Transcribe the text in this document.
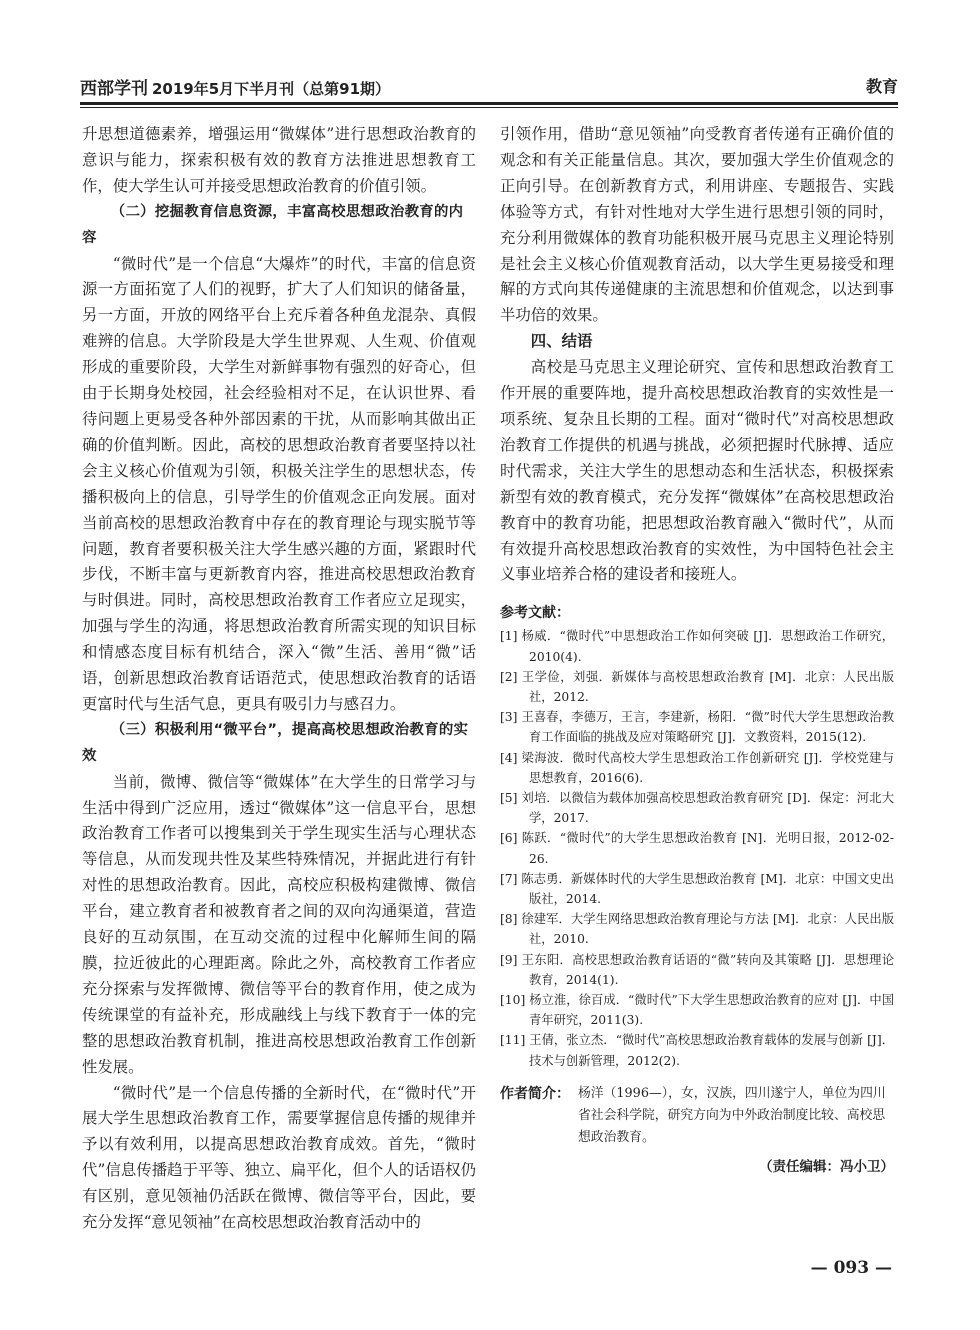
西部学刊 2019年5月下半月刊（总第91期）	教育

升思想道德素养，增强运用“微媒体”进行思想政治教育的意识与能力，探索积极有效的教育方法推进思想教育工作，使大学生认可并接受思想政治教育的价值引领。

（二）挖掘教育信息资源，丰富高校思想政治教育的内容

“微时代”是一个信息“大爆炸”的时代，丰富的信息资源一方面拓宽了人们的视野，扩大了人们知识的储备量，另一方面，开放的网络平台上充斥着各种鱼龙混杂、真假难辨的信息。大学阶段是大学生世界观、人生观、价值观形成的重要阶段，大学生对新鲜事物有强烈的好奇心，但由于长期身处校园，社会经验相对不足，在认识世界、看待问题上更易受各种外部因素的干扰，从而影响其做出正确的价值判断。因此，高校的思想政治教育者要坚持以社会主义核心价值观为引领，积极关注学生的思想状态，传播积极向上的信息，引导学生的价值观念正向发展。面对当前高校的思想政治教育中存在的教育理论与现实脱节等问题，教育者要积极关注大学生感兴趣的方面，紧跟时代步伐，不断丰富与更新教育内容，推进高校思想政治教育与时俱进。同时，高校思想政治教育工作者应立足现实，加强与学生的沟通，将思想政治教育所需实现的知识目标和情感态度目标有机结合，深入“微”生活、善用“微”话语，创新思想政治教育话语范式，使思想政治教育的话语更富时代与生活气息，更具有吸引力与感召力。

（三）积极利用“微平台”，提高高校思想政治教育的实效

当前，微博、微信等“微媒体”在大学生的日常学习与生活中得到广泛应用，透过“微媒体”这一信息平台，思想政治教育工作者可以搜集到关于学生现实生活与心理状态等信息，从而发现共性及某些特殊情况，并据此进行有针对性的思想政治教育。因此，高校应积极构建微博、微信平台，建立教育者和被教育者之间的双向沟通渠道，营造良好的互动氛围，在互动交流的过程中化解师生间的隔膜，拉近彼此的心理距离。除此之外，高校教育工作者应充分探索与发挥微博、微信等平台的教育作用，使之成为传统课堂的有益补充，形成融线上与线下教育于一体的完整的思想政治教育机制，推进高校思想政治教育工作创新性发展。

“微时代”是一个信息传播的全新时代，在“微时代”开展大学生思想政治教育工作，需要掌握信息传播的规律并予以有效利用，以提高思想政治教育成效。首先，“微时代”信息传播趋于平等、独立、扁平化，但个人的话语权仍有区别，意见领袖仍活跃在微博、微信等平台，因此，要充分发挥“意见领袖”在高校思想政治教育活动中的

引领作用，借助“意见领袖”向受教育者传递有正确价值的观念和有关正能量信息。其次，要加强大学生价值观念的正向引导。在创新教育方式，利用讲座、专题报告、实践体验等方式，有针对性地对大学生进行思想引领的同时，充分利用微媒体的教育功能积极开展马克思主义理论特别是社会主义核心价值观教育活动，以大学生更易接受和理解的方式向其传递健康的主流思想和价值观念，以达到事半功倍的效果。

四、结语

高校是马克思主义理论研究、宣传和思想政治教育工作开展的重要阵地，提升高校思想政治教育的实效性是一项系统、复杂且长期的工程。面对“微时代”对高校思想政治教育工作提供的机遇与挑战，必须把握时代脉搏、适应时代需求，关注大学生的思想动态和生活状态，积极探索新型有效的教育模式，充分发挥“微媒体”在高校思想政治教育中的教育功能，把思想政治教育融入“微时代”，从而有效提升高校思想政治教育的实效性，为中国特色社会主义事业培养合格的建设者和接班人。

参考文献：
[1] 杨威．“微时代”中思想政治工作如何突破 [J]．思想政治工作研究，2010(4).
[2] 王学俭，刘强．新媒体与高校思想政治教育 [M]．北京：人民出版社，2012.
[3] 王喜春，李德万，王言，李建新，杨阳．“微”时代大学生思想政治教育工作面临的挑战及应对策略研究 [J]．文教资料，2015(12).
[4] 梁海波．微时代高校大学生思想政治工作创新研究 [J]．学校党建与思想教育，2016(6).
[5] 刘培．以微信为载体加强高校思想政治教育研究 [D]．保定：河北大学，2017.
[6] 陈跃．“微时代”的大学生思想政治教育 [N]．光明日报，2012-02-26.
[7] 陈志勇．新媒体时代的大学生思想政治教育 [M]．北京：中国文史出版社，2014.
[8] 徐建军．大学生网络思想政治教育理论与方法 [M]．北京：人民出版社，2010.
[9] 王东阳．高校思想政治教育话语的“微”转向及其策略 [J]．思想理论教育，2014(1).
[10] 杨立淮，徐百成．“微时代”下大学生思想政治教育的应对 [J]．中国青年研究，2011(3).
[11] 王倩，张立杰．“微时代”高校思想政治教育载体的发展与创新 [J]．技术与创新管理，2012(2).
作者简介： 杨洋（1996—），女，汉族，四川遂宁人，单位为四川省社会科学院，研究方向为中外政治制度比较、高校思想政治教育。
（责任编辑：冯小卫）
— 093 —
